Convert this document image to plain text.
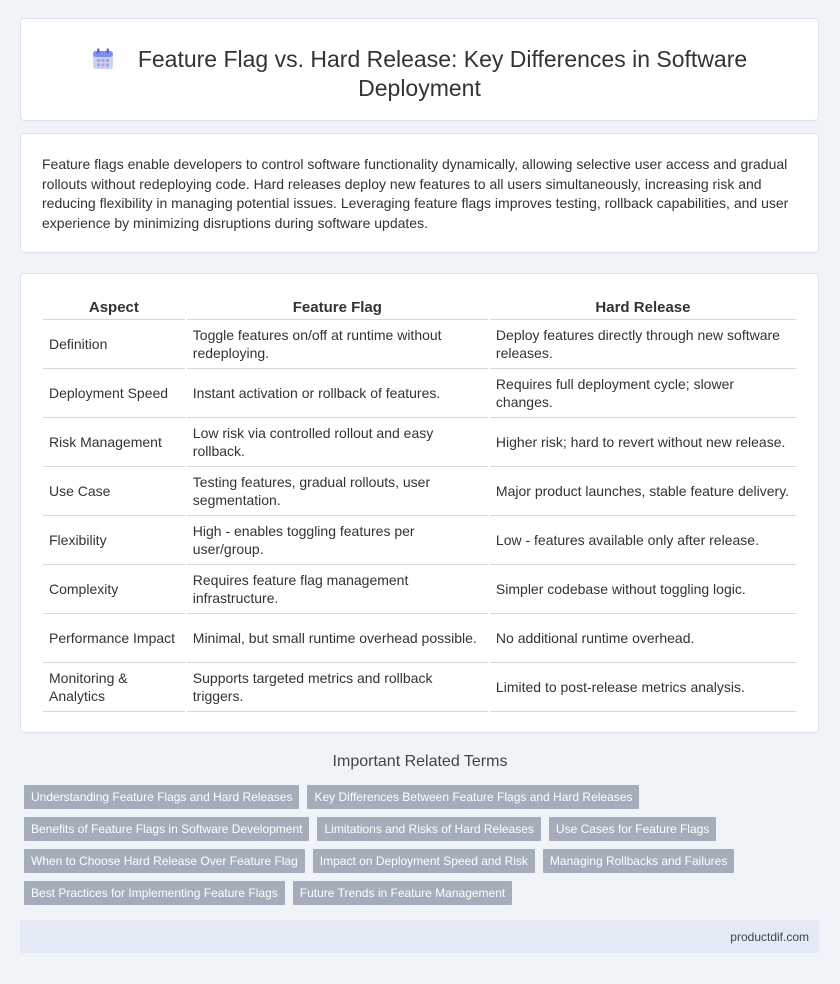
Feature Flag vs. Hard Release: Key Differences in Software Deployment

Feature flags enable developers to control software functionality dynamically, allowing selective user access and gradual rollouts without redeploying code. Hard releases deploy new features to all users simultaneously, increasing risk and reducing flexibility in managing potential issues. Leveraging feature flags improves testing, rollback capabilities, and user experience by minimizing disruptions during software updates.

Aspect	Feature Flag	Hard Release
Definition	Toggle features on/off at runtime without redeploying.	Deploy features directly through new software releases.
Deployment Speed	Instant activation or rollback of features.	Requires full deployment cycle; slower changes.
Risk Management	Low risk via controlled rollout and easy rollback.	Higher risk; hard to revert without new release.
Use Case	Testing features, gradual rollouts, user segmentation.	Major product launches, stable feature delivery.
Flexibility	High - enables toggling features per user/group.	Low - features available only after release.
Complexity	Requires feature flag management infrastructure.	Simpler codebase without toggling logic.
Performance Impact	Minimal, but small runtime overhead possible.	No additional runtime overhead.
Monitoring & Analytics	Supports targeted metrics and rollback triggers.	Limited to post-release metrics analysis.
Important Related Terms
Understanding Feature Flags and Hard Releases	Key Differences Between Feature Flags and Hard Releases
Benefits of Feature Flags in Software Development	Limitations and Risks of Hard Releases	Use Cases for Feature Flags
When to Choose Hard Release Over Feature Flag	Impact on Deployment Speed and Risk	Managing Rollbacks and Failures
Best Practices for Implementing Feature Flags	Future Trends in Feature Management
productdif.com
